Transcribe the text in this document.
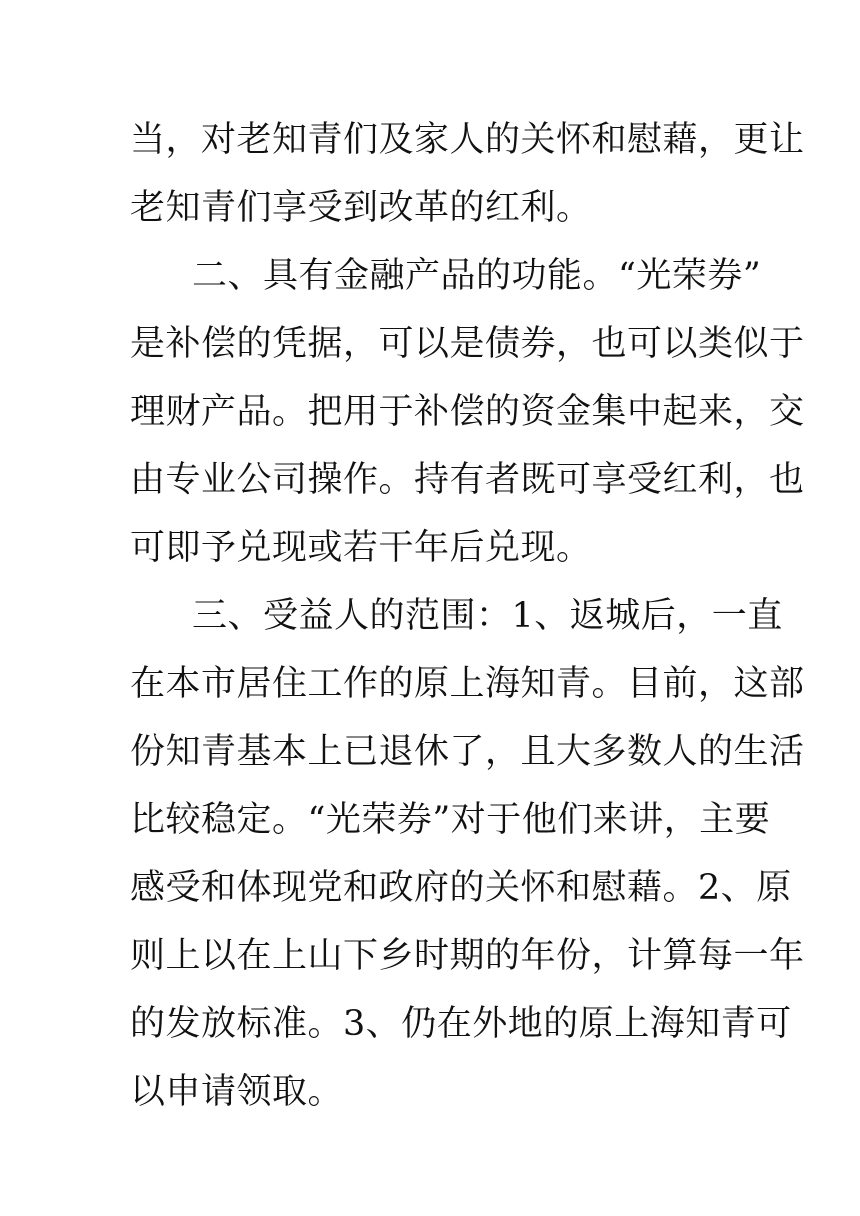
当，对老知青们及家人的关怀和慰藉，更让
老知青们享受到改革的红利。
二、具有金融产品的功能。“光荣券”
是补偿的凭据，可以是债券，也可以类似于
理财产品。把用于补偿的资金集中起来，交
由专业公司操作。持有者既可享受红利，也
可即予兑现或若干年后兑现。
三、受益人的范围：1、返城后，一直
在本市居住工作的原上海知青。目前，这部
份知青基本上已退休了，且大多数人的生活
比较稳定。“光荣券”对于他们来讲，主要
感受和体现党和政府的关怀和慰藉。2、原
则上以在上山下乡时期的年份，计算每一年
的发放标准。3、仍在外地的原上海知青可
以申请领取。
